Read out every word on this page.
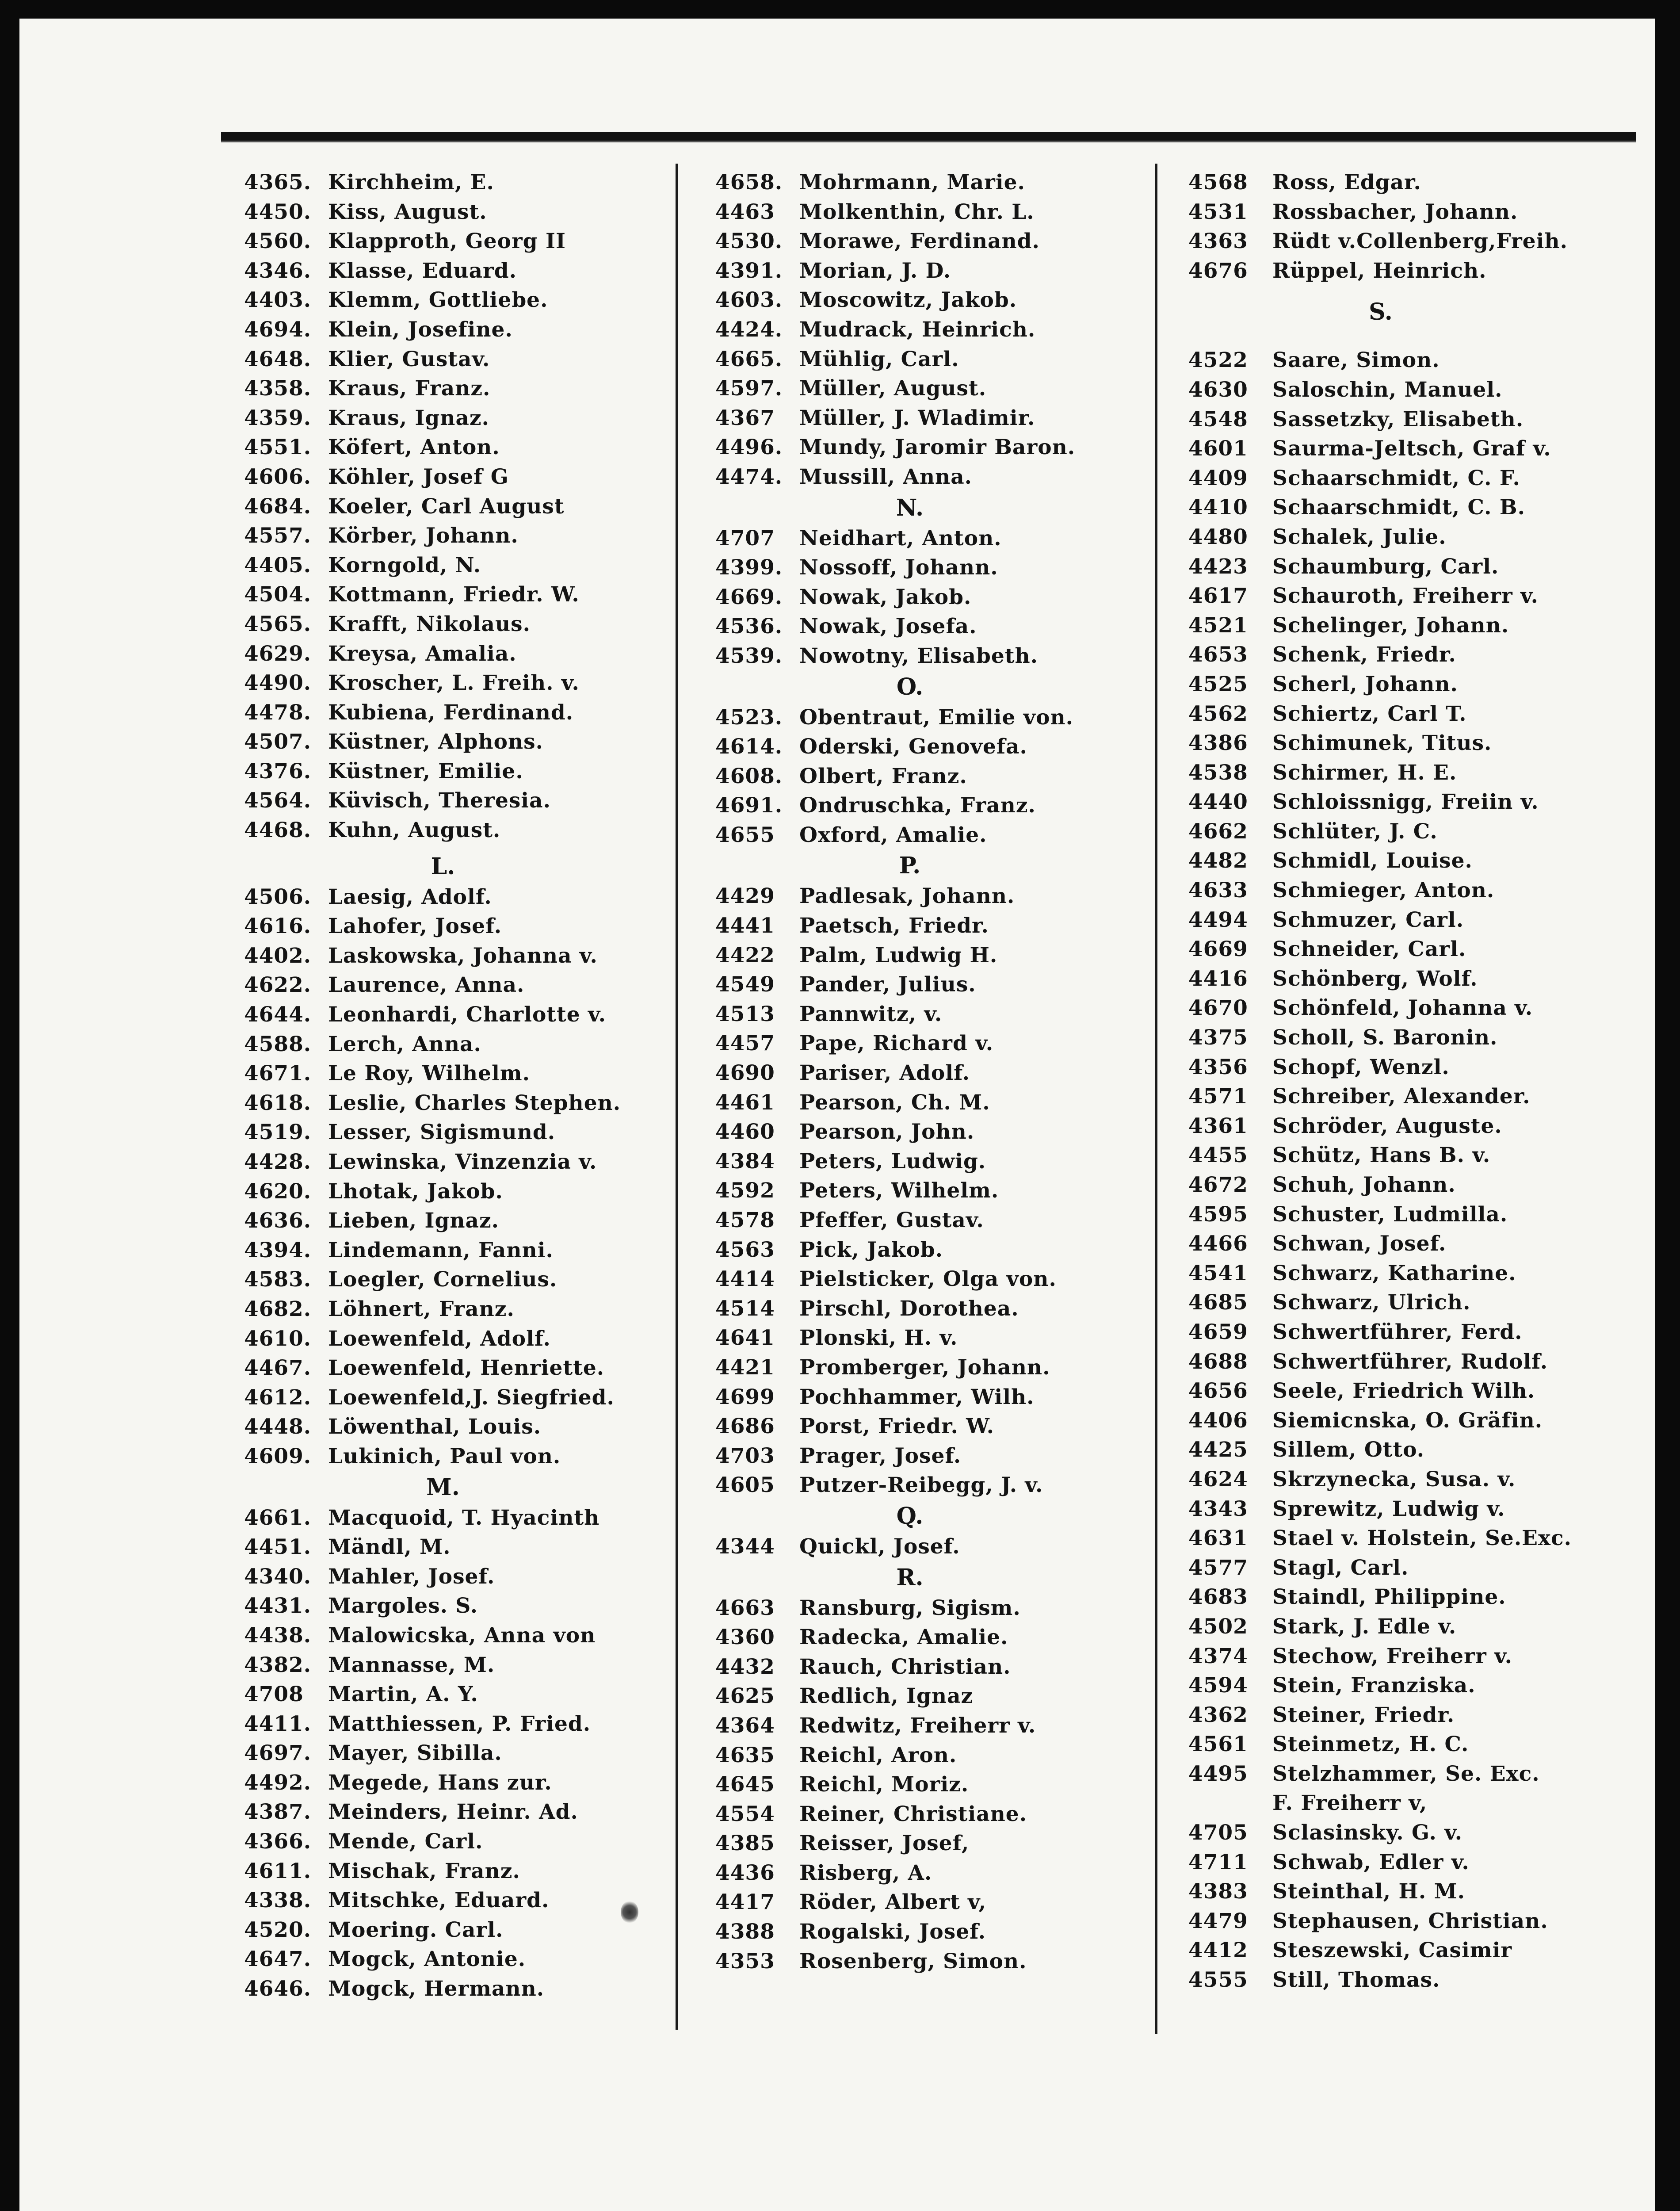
4365. Kirchheim, E.
4450. Kiss, August.
4560. Klapproth, Georg II
4346. Klasse, Eduard.
4403. Klemm, Gottliebe.
4694. Klein, Josefine.
4648. Klier, Gustav.
4358. Kraus, Franz.
4359. Kraus, Ignaz.
4551. Köfert, Anton.
4606. Köhler, Josef G
4684. Koeler, Carl August
4557. Körber, Johann.
4405. Korngold, N.
4504. Kottmann, Friedr. W.
4565. Krafft, Nikolaus.
4629. Kreysa, Amalia.
4490. Kroscher, L. Freih. v.
4478. Kubiena, Ferdinand.
4507. Küstner, Alphons.
4376. Küstner, Emilie.
4564. Küvisch, Theresia.
4468. Kuhn, August.
L.
4506. Laesig, Adolf.
4616. Lahofer, Josef.
4402. Laskowska, Johanna v.
4622. Laurence, Anna.
4644. Leonhardi, Charlotte v.
4588. Lerch, Anna.
4671. Le Roy, Wilhelm.
4618. Leslie, Charles Stephen.
4519. Lesser, Sigismund.
4428. Lewinska, Vinzenzia v.
4620. Lhotak, Jakob.
4636. Lieben, Ignaz.
4394. Lindemann, Fanni.
4583. Loegler, Cornelius.
4682. Löhnert, Franz.
4610. Loewenfeld, Adolf.
4467. Loewenfeld, Henriette.
4612. Loewenfeld,J. Siegfried.
4448. Löwenthal, Louis.
4609. Lukinich, Paul von.
M.
4661. Macquoid, T. Hyacinth
4451. Mändl, M.
4340. Mahler, Josef.
4431. Margoles. S.
4438. Malowicska, Anna von
4382. Mannasse, M.
4708 Martin, A. Y.
4411. Matthiessen, P. Fried.
4697. Mayer, Sibilla.
4492. Megede, Hans zur.
4387. Meinders, Heinr. Ad.
4366. Mende, Carl.
4611. Mischak, Franz.
4338. Mitschke, Eduard.
4520. Moering. Carl.
4647. Mogck, Antonie.
4646. Mogck, Hermann.
4658. Mohrmann, Marie.
4463 Molkenthin, Chr. L.
4530. Morawe, Ferdinand.
4391. Morian, J. D.
4603. Moscowitz, Jakob.
4424. Mudrack, Heinrich.
4665. Mühlig, Carl.
4597. Müller, August.
4367 Müller, J. Wladimir.
4496. Mundy, Jaromir Baron.
4474. Mussill, Anna.
N.
4707 Neidhart, Anton.
4399. Nossoff, Johann.
4669. Nowak, Jakob.
4536. Nowak, Josefa.
4539. Nowotny, Elisabeth.
O.
4523. Obentraut, Emilie von.
4614. Oderski, Genovefa.
4608. Olbert, Franz.
4691. Ondruschka, Franz.
4655 Oxford, Amalie.
P.
4429 Padlesak, Johann.
4441 Paetsch, Friedr.
4422 Palm, Ludwig H.
4549 Pander, Julius.
4513 Pannwitz, v.
4457 Pape, Richard v.
4690 Pariser, Adolf.
4461 Pearson, Ch. M.
4460 Pearson, John.
4384 Peters, Ludwig.
4592 Peters, Wilhelm.
4578 Pfeffer, Gustav.
4563 Pick, Jakob.
4414 Pielsticker, Olga von.
4514 Pirschl, Dorothea.
4641 Plonski, H. v.
4421 Promberger, Johann.
4699 Pochhammer, Wilh.
4686 Porst, Friedr. W.
4703 Prager, Josef.
4605 Putzer-Reibegg, J. v.
Q.
4344 Quickl, Josef.
R.
4663 Ransburg, Sigism.
4360 Radecka, Amalie.
4432 Rauch, Christian.
4625 Redlich, Ignaz
4364 Redwitz, Freiherr v.
4635 Reichl, Aron.
4645 Reichl, Moriz.
4554 Reiner, Christiane.
4385 Reisser, Josef,
4436 Risberg, A.
4417 Röder, Albert v,
4388 Rogalski, Josef.
4353 Rosenberg, Simon.
4568 Ross, Edgar.
4531 Rossbacher, Johann.
4363 Rüdt v.Collenberg,Freih.
4676 Rüppel, Heinrich.
S.
4522 Saare, Simon.
4630 Saloschin, Manuel.
4548 Sassetzky, Elisabeth.
4601 Saurma-Jeltsch, Graf v.
4409 Schaarschmidt, C. F.
4410 Schaarschmidt, C. B.
4480 Schalek, Julie.
4423 Schaumburg, Carl.
4617 Schauroth, Freiherr v.
4521 Schelinger, Johann.
4653 Schenk, Friedr.
4525 Scherl, Johann.
4562 Schiertz, Carl T.
4386 Schimunek, Titus.
4538 Schirmer, H. E.
4440 Schloissnigg, Freiin v.
4662 Schlüter, J. C.
4482 Schmidl, Louise.
4633 Schmieger, Anton.
4494 Schmuzer, Carl.
4669 Schneider, Carl.
4416 Schönberg, Wolf.
4670 Schönfeld, Johanna v.
4375 Scholl, S. Baronin.
4356 Schopf, Wenzl.
4571 Schreiber, Alexander.
4361 Schröder, Auguste.
4455 Schütz, Hans B. v.
4672 Schuh, Johann.
4595 Schuster, Ludmilla.
4466 Schwan, Josef.
4541 Schwarz, Katharine.
4685 Schwarz, Ulrich.
4659 Schwertführer, Ferd.
4688 Schwertführer, Rudolf.
4656 Seele, Friedrich Wilh.
4406 Siemicnska, O. Gräfin.
4425 Sillem, Otto.
4624 Skrzynecka, Susa. v.
4343 Sprewitz, Ludwig v.
4631 Stael v. Holstein, Se.Exc.
4577 Stagl, Carl.
4683 Staindl, Philippine.
4502 Stark, J. Edle v.
4374 Stechow, Freiherr v.
4594 Stein, Franziska.
4362 Steiner, Friedr.
4561 Steinmetz, H. C.
4495 Stelzhammer, Se. Exc.
F. Freiherr v,
4705 Sclasinsky. G. v.
4711 Schwab, Edler v.
4383 Steinthal, H. M.
4479 Stephausen, Christian.
4412 Steszewski, Casimir
4555 Still, Thomas.
